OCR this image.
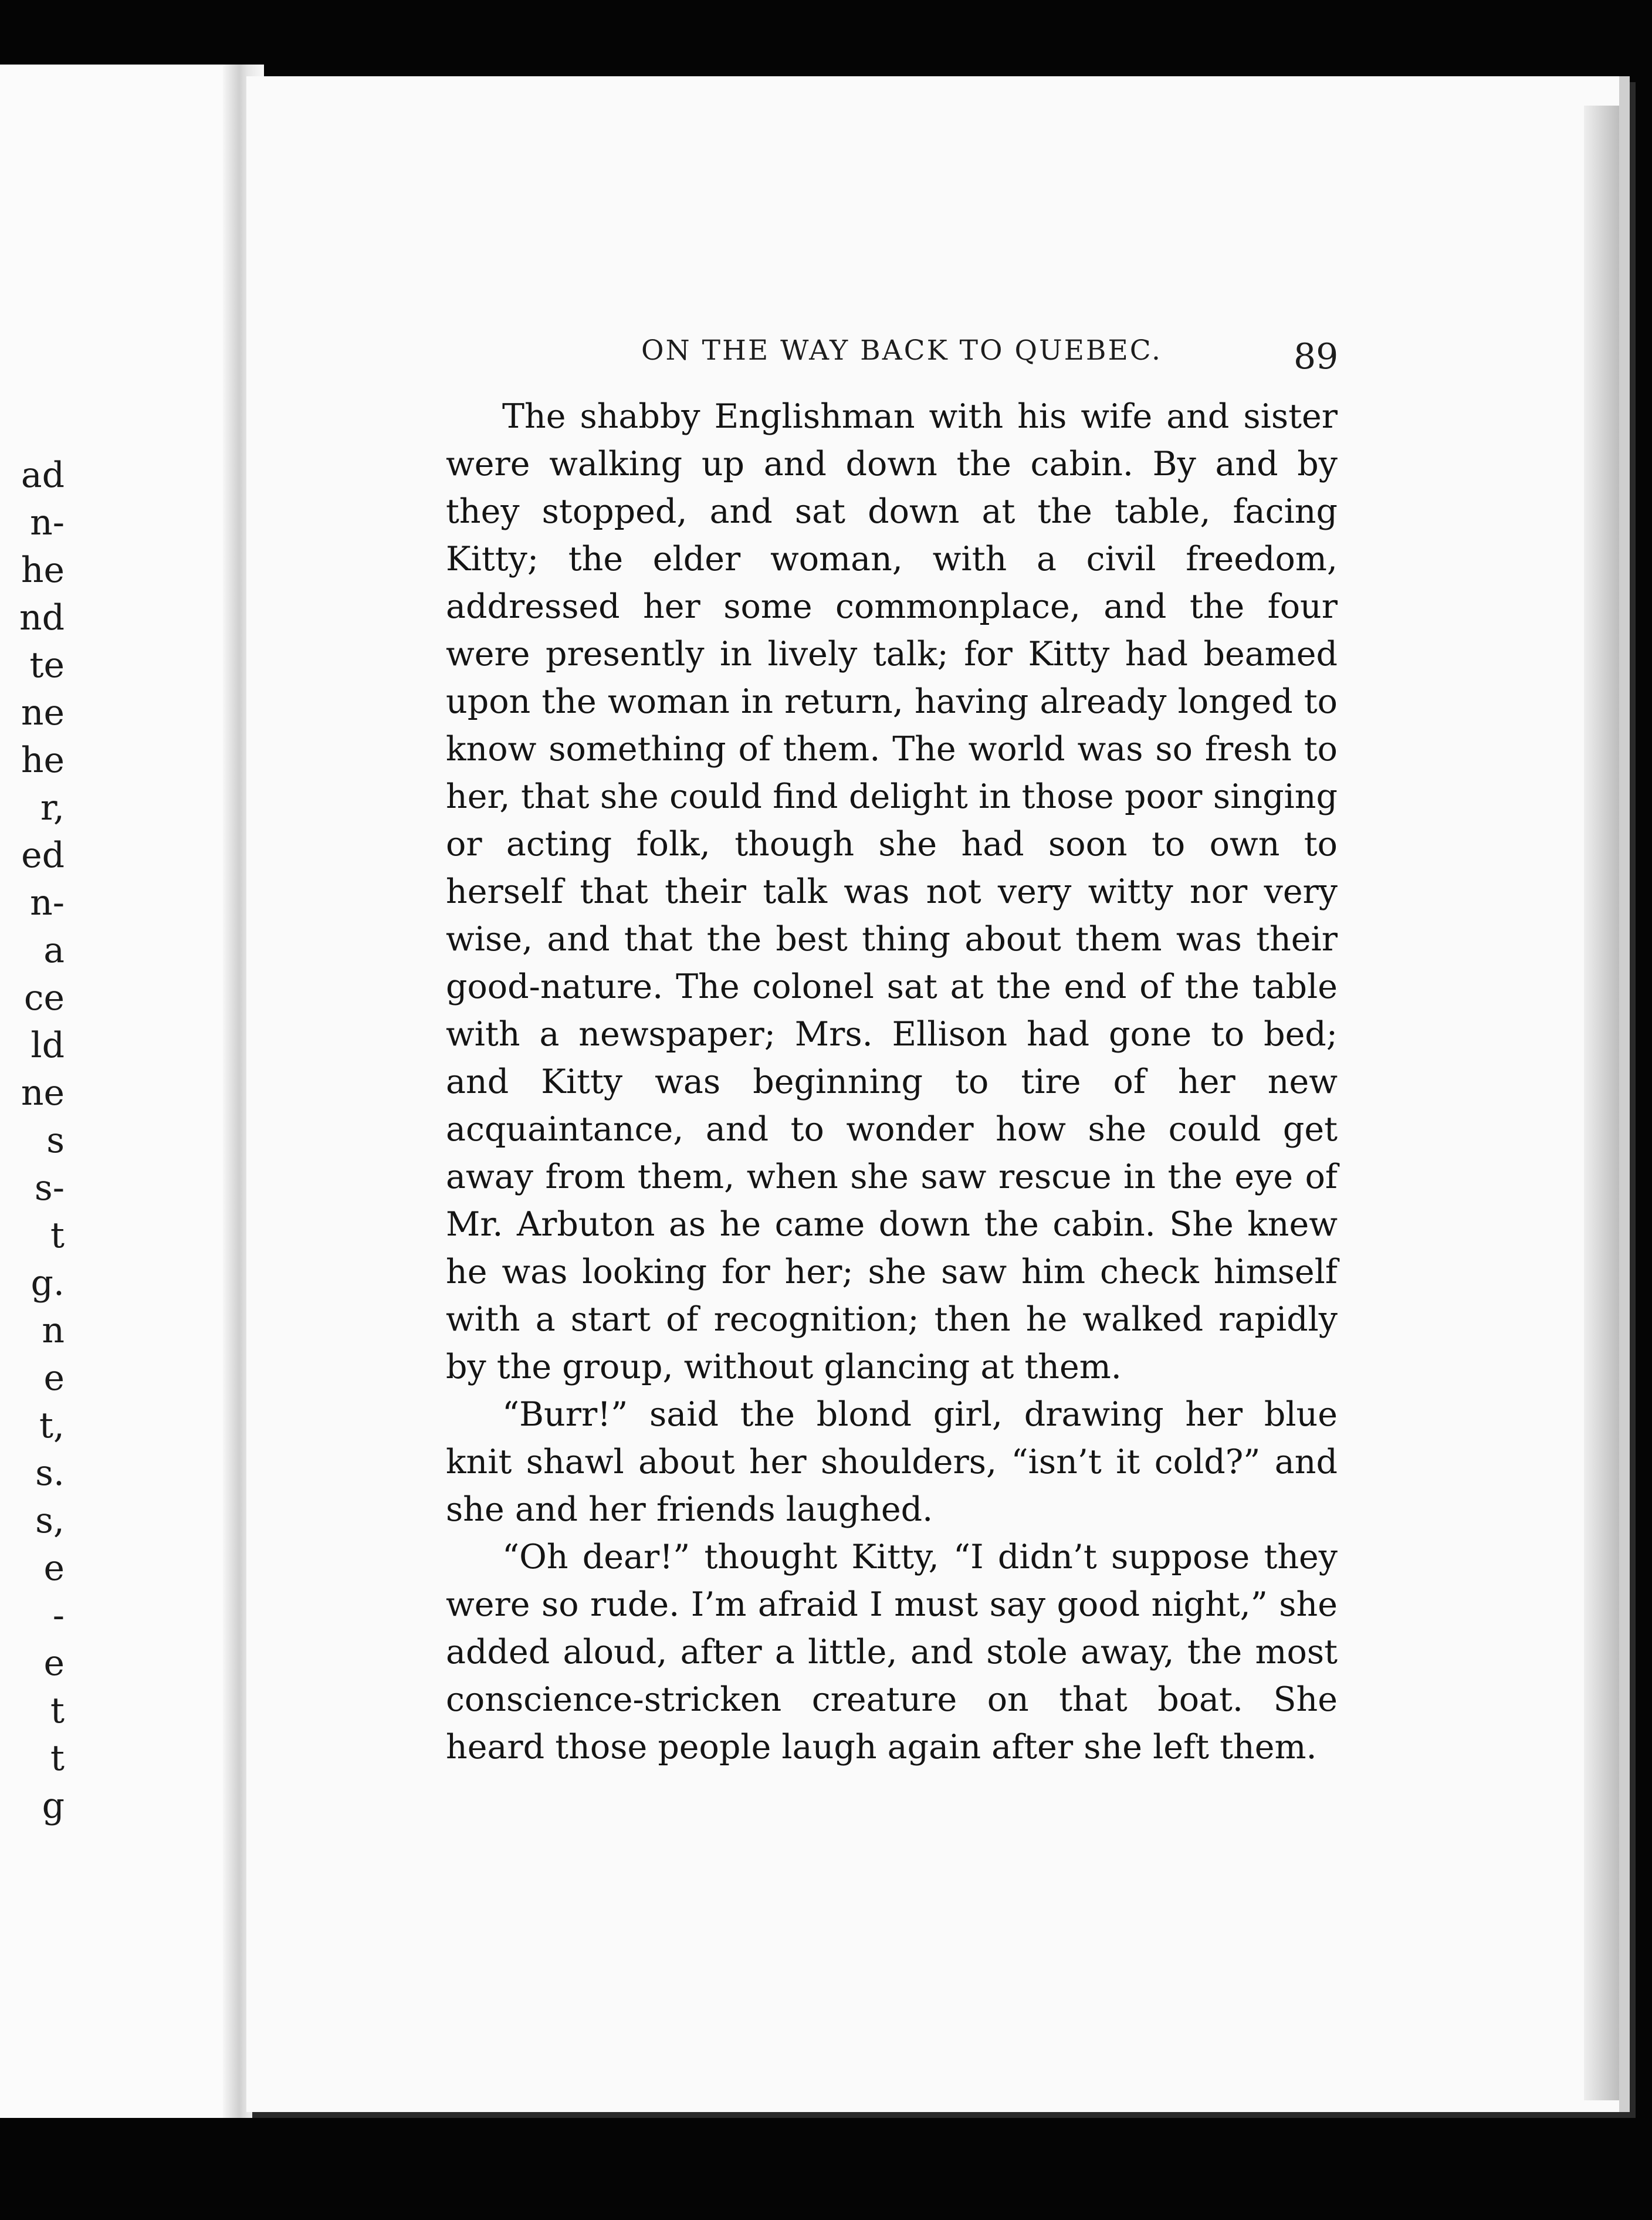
ad
n-
he
nd
te
ne
he
r,
ed
n-
a
ce
ld
ne
s
s-
t
g.
n
e
t,
s.
s,
e
-
e
t
t
g
ON THE WAY BACK TO QUEBEC.	89

The shabby Englishman with his wife and sister were walking up and down the cabin. By and by they stopped, and sat down at the table, facing Kitty; the elder woman, with a civil freedom, addressed her some commonplace, and the four were presently in lively talk; for Kitty had beamed upon the woman in return, having already longed to know something of them. The world was so fresh to her, that she could find delight in those poor singing or acting folk, though she had soon to own to herself that their talk was not very witty nor very wise, and that the best thing about them was their good-nature. The colonel sat at the end of the table with a newspaper; Mrs. Ellison had gone to bed; and Kitty was beginning to tire of her new acquaintance, and to wonder how she could get away from them, when she saw rescue in the eye of Mr. Arbuton as he came down the cabin. She knew he was looking for her; she saw him check himself with a start of recognition; then he walked rapidly by the group, without glancing at them.

“Burr!” said the blond girl, drawing her blue knit shawl about her shoulders, “isn’t it cold?” and she and her friends laughed.

“Oh dear!” thought Kitty, “I didn’t suppose they were so rude. I’m afraid I must say good night,” she added aloud, after a little, and stole away, the most conscience-stricken creature on that boat. She heard those people laugh again after she left them.
